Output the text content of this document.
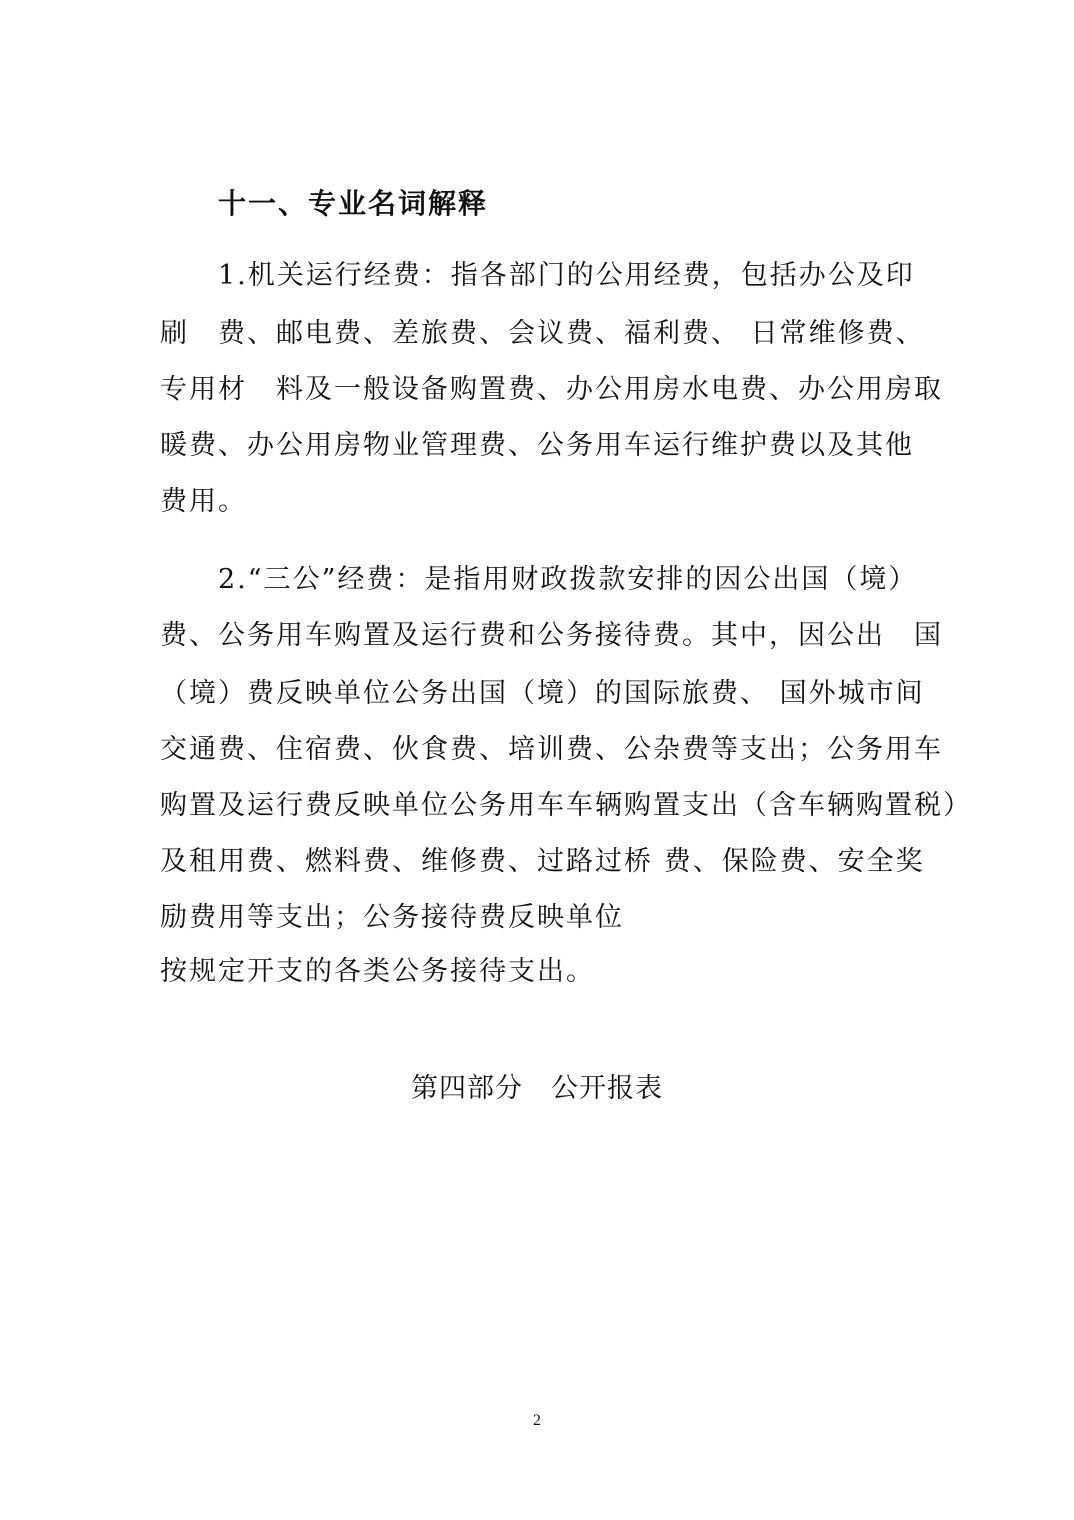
十一、专业名词解释
1.机关运行经费：指各部门的公用经费，包括办公及印
刷　费、邮电费、差旅费、会议费、福利费、 日常维修费、
专用材　料及一般设备购置费、办公用房水电费、办公用房取
暖费、办公用房物业管理费、公务用车运行维护费以及其他
费用。
2.“三公”经费：是指用财政拨款安排的因公出国（境）
费、公务用车购置及运行费和公务接待费。其中，因公出　国
（境）费反映单位公务出国（境）的国际旅费、 国外城市间
交通费、住宿费、伙食费、培训费、公杂费等支出；公务用车
购置及运行费反映单位公务用车车辆购置支出（含车辆购置税）
及租用费、燃料费、维修费、过路过桥 费、保险费、安全奖
励费用等支出；公务接待费反映单位
按规定开支的各类公务接待支出。
第四部分　公开报表
2
